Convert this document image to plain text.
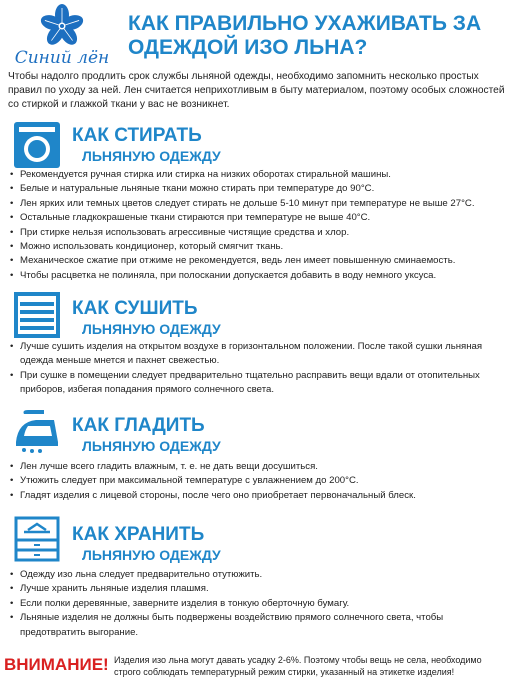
Синий лён
КАК ПРАВИЛЬНО УХАЖИВАТЬ ЗА ОДЕЖДОЙ ИЗО ЛЬНА?
Чтобы надолго продлить срок службы льняной одежды, необходимо запомнить несколько простых правил по уходу за ней. Лен считается неприхотливым в быту материалом, поэтому особых сложностей со стиркой и глажкой ткани у вас не возникнет.
КАК СТИРАТЬ
ЛЬНЯНУЮ ОДЕЖДУ
• Рекомендуется ручная стирка или стирка на низких оборотах стиральной машины.
• Белые и натуральные льняные ткани можно стирать при температуре до 90°С.
• Лен ярких или темных цветов следует стирать не дольше 5-10 минут при температуре не выше 27°С.
• Остальные гладкокрашеные ткани стираются при температуре не выше 40°С.
• При стирке нельзя использовать агрессивные чистящие средства и хлор.
• Можно использовать кондиционер, который смягчит ткань.
• Механическое сжатие при отжиме не рекомендуется, ведь лен имеет повышенную сминаемость.
• Чтобы расцветка не полиняла, при полоскании допускается добавить в воду немного уксуса.
КАК СУШИТЬ
ЛЬНЯНУЮ ОДЕЖДУ
• Лучше сушить изделия на открытом воздухе в горизонтальном положении. После такой сушки льняная одежда меньше мнется и пахнет свежестью.
• При сушке в помещении следует предварительно тщательно расправить вещи вдали от отопительных приборов, избегая попадания прямого солнечного света.
КАК ГЛАДИТЬ
ЛЬНЯНУЮ ОДЕЖДУ
• Лен лучше всего гладить влажным, т. е. не дать вещи досушиться.
• Утюжить следует при максимальной температуре с увлажнением до 200°С.
• Гладят изделия с лицевой стороны, после чего оно приобретает первоначальный блеск.
КАК ХРАНИТЬ
ЛЬНЯНУЮ ОДЕЖДУ
• Одежду изо льна следует предварительно отутюжить.
• Лучше хранить льняные изделия плашмя.
• Если полки деревянные, заверните изделия в тонкую оберточную бумагу.
• Льняные изделия не должны быть подвержены воздействию прямого солнечного света, чтобы предотвратить выгорание.
ВНИМАНИЕ! Изделия изо льна могут давать усадку 2-6%. Поэтому чтобы вещь не села, необходимо строго соблюдать температурный режим стирки, указанный на этикетке изделия!
